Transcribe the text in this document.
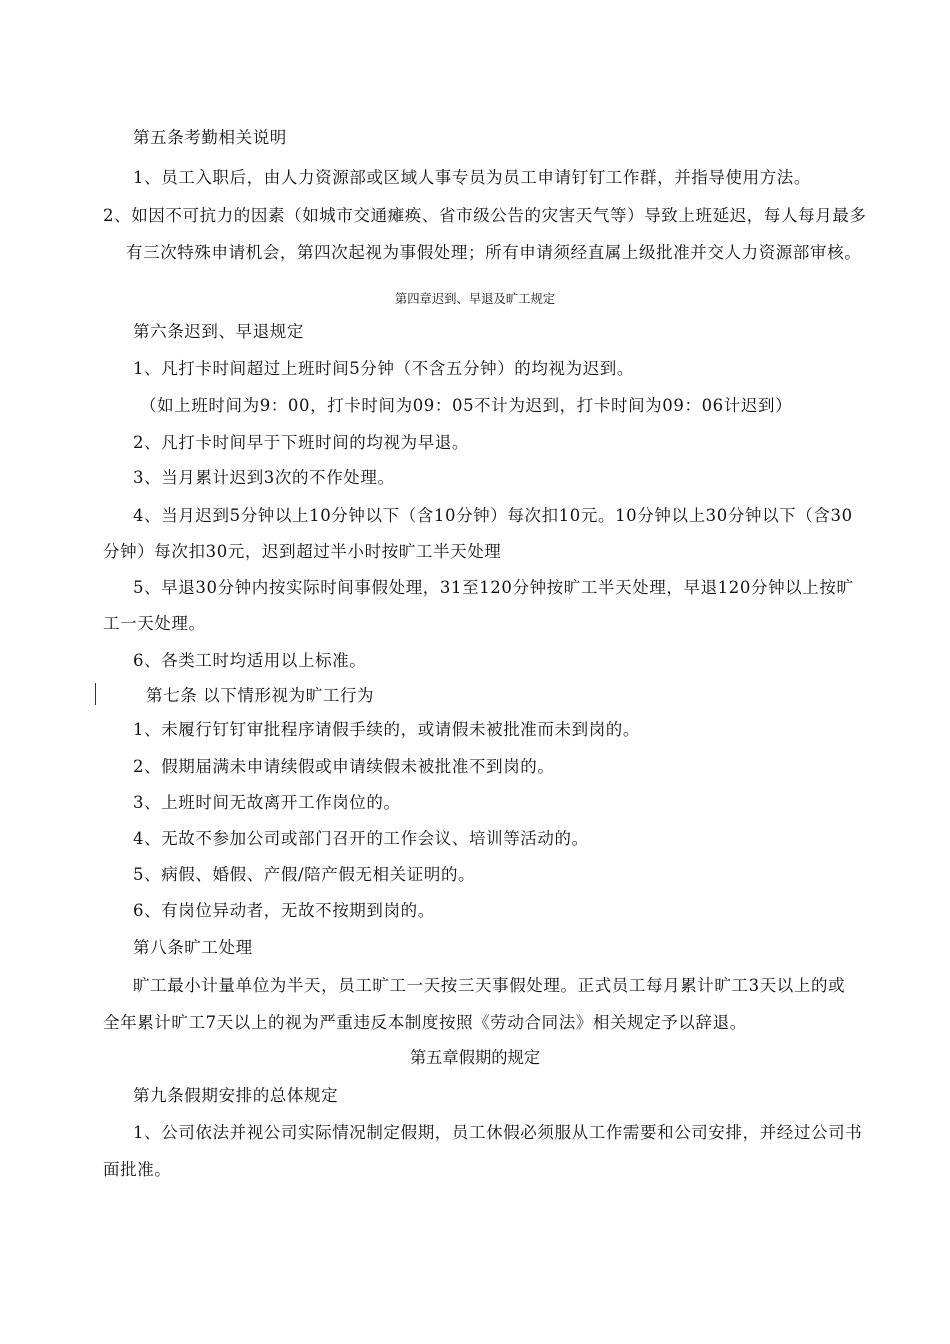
第五条考勤相关说明
1、员工入职后，由人力资源部或区域人事专员为员工申请钉钉工作群，并指导使用方法。
2、如因不可抗力的因素（如城市交通瘫痪、省市级公告的灾害天气等）导致上班延迟，每人每月最多
有三次特殊申请机会，第四次起视为事假处理；所有申请须经直属上级批准并交人力资源部审核。
第四章迟到、早退及旷工规定
第六条迟到、早退规定
1、凡打卡时间超过上班时间5分钟（不含五分钟）的均视为迟到。
（如上班时间为9：00，打卡时间为09：05不计为迟到，打卡时间为09：06计迟到）
2、凡打卡时间早于下班时间的均视为早退。
3、当月累计迟到3次的不作处理。
4、当月迟到5分钟以上10分钟以下（含10分钟）每次扣10元。10分钟以上30分钟以下（含30
分钟）每次扣30元，迟到超过半小时按旷工半天处理
5、早退30分钟内按实际时间事假处理，31至120分钟按旷工半天处理，早退120分钟以上按旷
工一天处理。
6、各类工时均适用以上标准。
第七条 以下情形视为旷工行为
1、未履行钉钉审批程序请假手续的，或请假未被批准而未到岗的。
2、假期届满未申请续假或申请续假未被批准不到岗的。
3、上班时间无故离开工作岗位的。
4、无故不参加公司或部门召开的工作会议、培训等活动的。
5、病假、婚假、产假/陪产假无相关证明的。
6、有岗位异动者，无故不按期到岗的。
第八条旷工处理
旷工最小计量单位为半天，员工旷工一天按三天事假处理。正式员工每月累计旷工3天以上的或
全年累计旷工7天以上的视为严重违反本制度按照《劳动合同法》相关规定予以辞退。
第五章假期的规定
第九条假期安排的总体规定
1、公司依法并视公司实际情况制定假期，员工休假必须服从工作需要和公司安排，并经过公司书
面批准。
